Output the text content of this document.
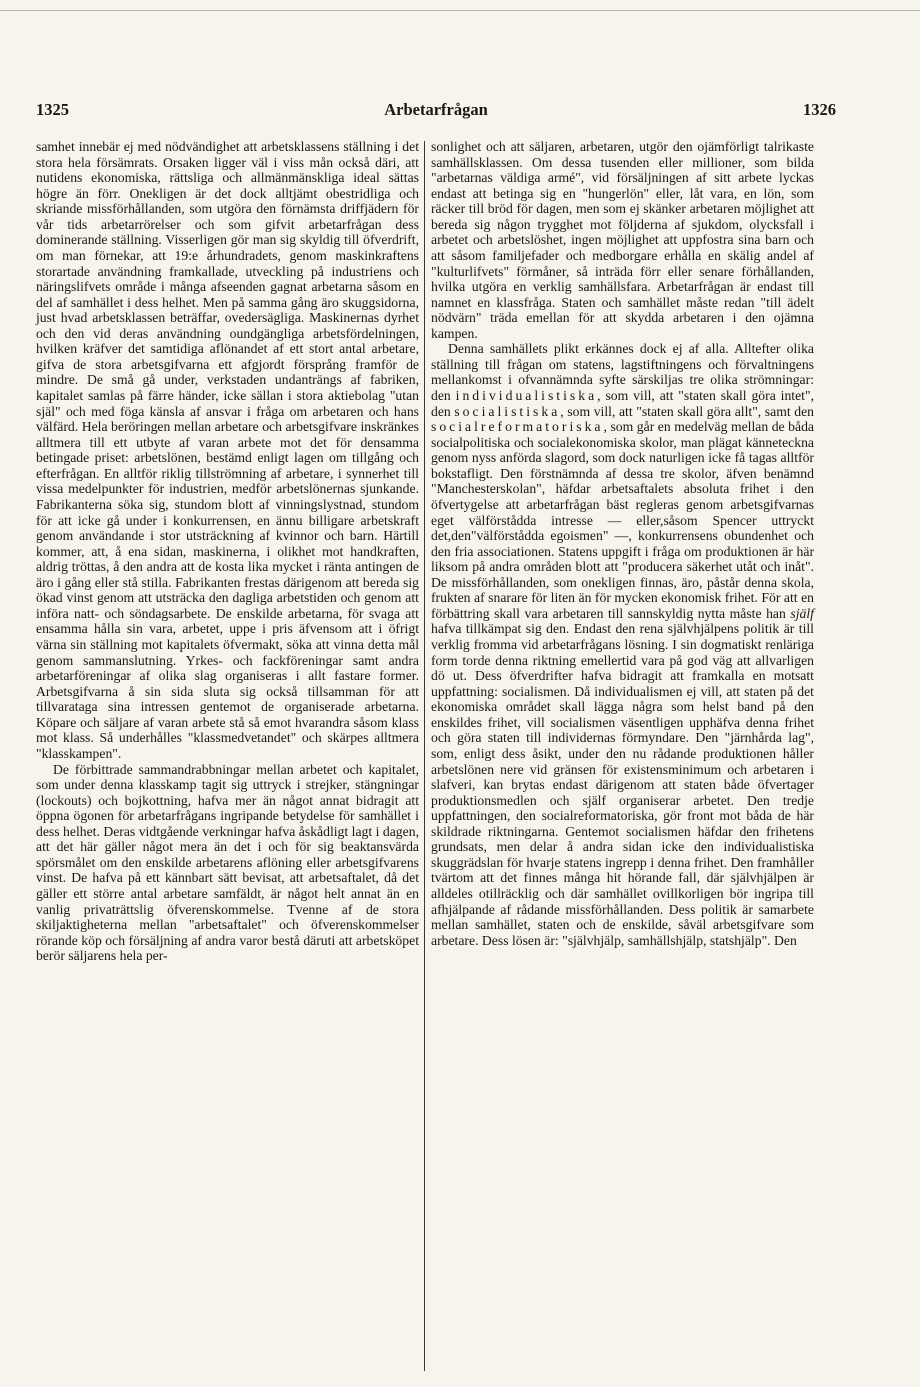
1325	Arbetarfrågan	1326

samhet innebär ej med nödvändighet att arbetsklassens ställning i det stora hela försämrats. Orsaken ligger väl i viss mån också däri, att nutidens ekonomiska, rättsliga och allmänmänskliga ideal sättas högre än förr. Onekligen är det dock alltjämt obestridliga och skriande missförhållanden, som utgöra den förnämsta driffjädern för vår tids arbetarrörelser och som gifvit arbetarfrågan dess dominerande ställning. Visserligen gör man sig skyldig till öfverdrift, om man förnekar, att 19:e århundradets, genom maskinkraftens storartade användning framkallade, utveckling på industriens och näringslifvets område i många afseenden gagnat arbetarna såsom en del af samhället i dess helhet. Men på samma gång äro skuggsidorna, just hvad arbetsklassen beträffar, ovedersägliga. Maskinernas dyrhet och den vid deras användning oundgängliga arbetsfördelningen, hvilken kräfver det samtidiga aflönandet af ett stort antal arbetare, gifva de stora arbetsgifvarna ett afgjordt försprång framför de mindre. De små gå under, verkstaden undanträngs af fabriken, kapitalet samlas på färre händer, icke sällan i stora aktiebolag "utan själ" och med föga känsla af ansvar i fråga om arbetaren och hans välfärd. Hela beröringen mellan arbetare och arbetsgifvare inskränkes alltmera till ett utbyte af varan arbete mot det för densamma betingade priset: arbetslönen, bestämd enligt lagen om tillgång och efterfrågan. En alltför riklig tillströmning af arbetare, i synnerhet till vissa medelpunkter för industrien, medför arbetslönernas sjunkande. Fabrikanterna söka sig, stundom blott af vinningslystnad, stundom för att icke gå under i konkurrensen, en ännu billigare arbetskraft genom användande i stor utsträckning af kvinnor och barn. Härtill kommer, att, å ena sidan, maskinerna, i olikhet mot handkraften, aldrig tröttas, å den andra att de kosta lika mycket i ränta antingen de äro i gång eller stå stilla. Fabrikanten frestas därigenom att bereda sig ökad vinst genom att utsträcka den dagliga arbetstiden och genom att införa natt- och söndagsarbete. De enskilde arbetarna, för svaga att ensamma hålla sin vara, arbetet, uppe i pris äfvensom att i öfrigt värna sin ställning mot kapitalets öfvermakt, söka att vinna detta mål genom sammanslutning. Yrkes- och fackföreningar samt andra arbetarföreningar af olika slag organiseras i allt fastare former. Arbetsgifvarna å sin sida sluta sig också tillsamman för att tillvarataga sina intressen gentemot de organiserade arbetarna. Köpare och säljare af varan arbete stå så emot hvarandra såsom klass mot klass. Så underhålles "klassmedvetandet" och skärpes alltmera "klasskampen".

De förbittrade sammandrabbningar mellan arbetet och kapitalet, som under denna klasskamp tagit sig uttryck i strejker, stängningar (lockouts) och bojkottning, hafva mer än något annat bidragit att öppna ögonen för arbetarfrågans ingripande betydelse för samhället i dess helhet. Deras vidtgående verkningar hafva åskådligt lagt i dagen, att det här gäller något mera än det i och för sig beaktansvärda spörsmålet om den enskilde arbetarens aflöning eller arbetsgifvarens vinst. De hafva på ett kännbart sätt bevisat, att arbetsaftalet, då det gäller ett större antal arbetare samfäldt, är något helt annat än en vanlig privaträttslig öfverenskommelse. Tvenne af de stora skiljaktigheterna mellan "arbetsaftalet" och öfverenskommelser rörande köp och försäljning af andra varor bestå däruti att arbetsköpet berör säljarens hela per-

sonlighet och att säljaren, arbetaren, utgör den ojämförligt talrikaste samhällsklassen. Om dessa tusenden eller millioner, som bilda "arbetarnas väldiga armé", vid försäljningen af sitt arbete lyckas endast att betinga sig en "hungerlön" eller, låt vara, en lön, som räcker till bröd för dagen, men som ej skänker arbetaren möjlighet att bereda sig någon trygghet mot följderna af sjukdom, olycksfall i arbetet och arbetslöshet, ingen möjlighet att uppfostra sina barn och att såsom familjefader och medborgare erhålla en skälig andel af "kulturlifvets" förmåner, så inträda förr eller senare förhållanden, hvilka utgöra en verklig samhällsfara. Arbetarfrågan är endast till namnet en klassfråga. Staten och samhället måste redan "till ädelt nödvärn" träda emellan för att skydda arbetaren i den ojämna kampen.

Denna samhällets plikt erkännes dock ej af alla. Alltefter olika ställning till frågan om statens, lagstiftningens och förvaltningens mellankomst i ofvannämnda syfte särskiljas tre olika strömningar: den individualistiska, som vill, att "staten skall göra intet", den socialistiska, som vill, att "staten skall göra allt", samt den socialreformatoriska, som går en medelväg mellan de båda socialpolitiska och socialekonomiska skolor, man plägat kännetecknа genom nyss anförda slagord, som dock naturligen icke få tagas alltför bokstafligt. Den förstnämnda af dessa tre skolor, äfven benämnd "Manchesterskolan", häfdar arbetsaftalets absoluta frihet i den öfvertygelse att arbetarfrågan bäst regleras genom arbetsgifvarnas eget välförstådda intresse — eller,såsom Spencer uttryckt det,den"välförstådda egoismen" —, konkurrensens obundenhet och den fria associationen. Statens uppgift i fråga om produktionen är här liksom på andra områden blott att "producera säkerhet utåt och inåt". De missförhållanden, som onekligen finnas, äro, påstår denna skola, frukten af snarare för liten än för mycken ekonomisk frihet. För att en förbättring skall vara arbetaren till sannskyldig nytta måste han själf hafva tillkämpat sig den. Endast den rena självhjälpens politik är till verklig fromma vid arbetarfrågans lösning. I sin dogmatiskt renläriga form torde denna riktning emellertid vara på god väg att allvarligen dö ut. Dess öfverdrifter hafva bidragit att framkalla en motsatt uppfattning: socialismen. Då individualismen ej vill, att staten på det ekonomiska området skall lägga några som helst band på den enskildes frihet, vill socialismen väsentligen upphäfva denna frihet och göra staten till individernas förmyndare. Den "järnhårda lag", som, enligt dess åsikt, under den nu rådande produktionen håller arbetslönen nere vid gränsen för existensminimum och arbetaren i slafveri, kan brytas endast därigenom att staten både öfvertager produktionsmedlen och själf organiserar arbetet. Den tredje uppfattningen, den socialreformatoriska, gör front mot båda de här skildrade riktningarna. Gentemot socialismen häfdar den frihetens grundsats, men delar å andra sidan icke den individualistiska skuggrädslan för hvarje statens ingrepp i denna frihet. Den framhåller tvärtom att det finnes många hit hörande fall, där självhjälpen är alldeles otillräcklig och där samhället ovillkorligen bör ingripa till afhjälpande af rådande missförhållanden. Dess politik är samarbete mellan samhället, staten och de enskilde, såväl arbetsgifvare som arbetare. Dess lösen är: "självhjälp, samhällshjälp, statshjälp". Den
